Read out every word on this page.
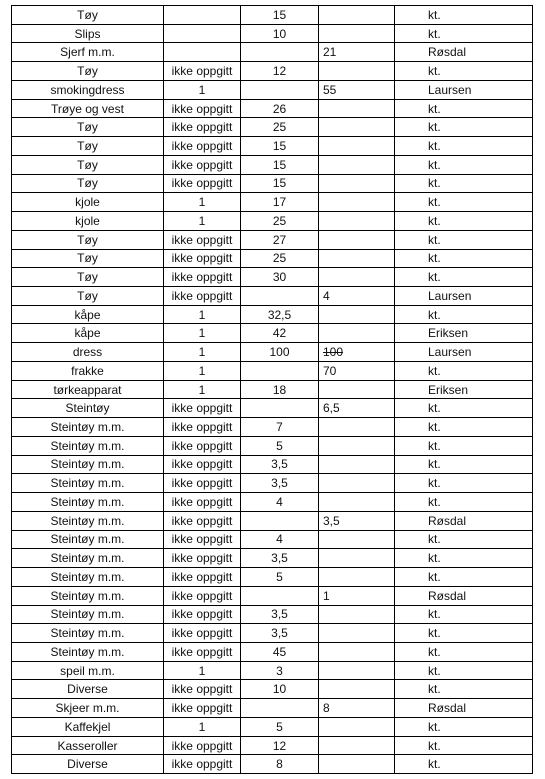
Tøy		15		kt.
Slips		10		kt.
Sjerf m.m.			21	Røsdal
Tøy	ikke oppgitt	12		kt.
smokingdress	1		55	Laursen
Trøye og vest	ikke oppgitt	26		kt.
Tøy	ikke oppgitt	25		kt.
Tøy	ikke oppgitt	15		kt.
Tøy	ikke oppgitt	15		kt.
Tøy	ikke oppgitt	15		kt.
kjole	1	17		kt.
kjole	1	25		kt.
Tøy	ikke oppgitt	27		kt.
Tøy	ikke oppgitt	25		kt.
Tøy	ikke oppgitt	30		kt.
Tøy	ikke oppgitt		4	Laursen
kåpe	1	32,5		kt.
kåpe	1	42		Eriksen
dress	1	100	100	Laursen
frakke	1		70	kt.
tørkeapparat	1	18		Eriksen
Steintøy	ikke oppgitt		6,5	kt.
Steintøy m.m.	ikke oppgitt	7		kt.
Steintøy m.m.	ikke oppgitt	5		kt.
Steintøy m.m.	ikke oppgitt	3,5		kt.
Steintøy m.m.	ikke oppgitt	3,5		kt.
Steintøy m.m.	ikke oppgitt	4		kt.
Steintøy m.m.	ikke oppgitt		3,5	Røsdal
Steintøy m.m.	ikke oppgitt	4		kt.
Steintøy m.m.	ikke oppgitt	3,5		kt.
Steintøy m.m.	ikke oppgitt	5		kt.
Steintøy m.m.	ikke oppgitt		1	Røsdal
Steintøy m.m.	ikke oppgitt	3,5		kt.
Steintøy m.m.	ikke oppgitt	3,5		kt.
Steintøy m.m.	ikke oppgitt	45		kt.
speil m.m.	1	3		kt.
Diverse	ikke oppgitt	10		kt.
Skjeer m.m.	ikke oppgitt		8	Røsdal
Kaffekjel	1	5		kt.
Kasseroller	ikke oppgitt	12		kt.
Diverse	ikke oppgitt	8		kt.
